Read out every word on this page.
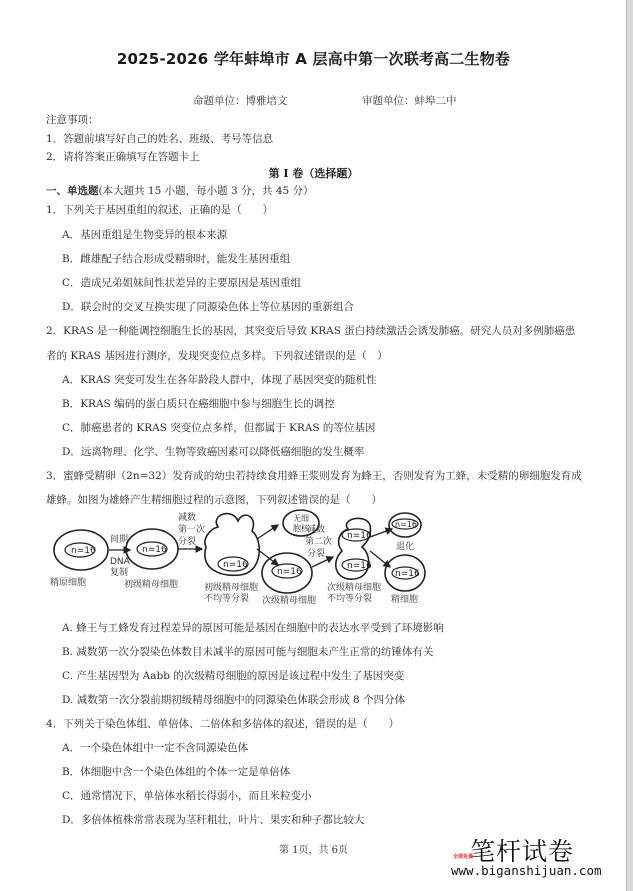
2025-2026 学年蚌埠市 A 层高中第一次联考高二生物卷
命题单位：博雅培文	审题单位：蚌埠二中
注意事项：
1．答题前填写好自己的姓名、班级、考号等信息
2．请将答案正确填写在答题卡上
第 I 卷（选择题）
一、单选题(本大题共 15 小题，每小题 3 分，共 45 分）
1．下列关于基因重组的叙述，正确的是（　　）
A．基因重组是生物变异的根本来源
B．雌雄配子结合形成受精卵时，能发生基因重组
C．造成兄弟姐妹间性状差异的主要原因是基因重组
D．联会时的交叉互换实现了同源染色体上等位基因的重新组合
2．KRAS 是一种能调控细胞生长的基因，其突变后导致 KRAS 蛋白持续激活会诱发肺癌。研究人员对多例肺癌患
者的 KRAS 基因进行测序，发现突变位点多样。下列叙述错误的是（　）
A．KRAS 突变可发生在各年龄段人群中，体现了基因突变的随机性
B．KRAS 编码的蛋白质只在癌细胞中参与细胞生长的调控
C．肺癌患者的 KRAS 突变位点多样，但都属于 KRAS 的等位基因
D．远离物理、化学、生物等致癌因素可以降低癌细胞的发生概率
3．蜜蜂受精卵（2n=32）发育成的幼虫若持续食用蜂王浆则发育为蜂王，否则发育为工蜂，未受精的卵细胞发育成
雄蜂。如图为雄蜂产生精细胞过程的示意图，下列叙述错误的是（　　）
n=16	n=16
n=16
n=16
n=16
n=16
n=16
n=16
精原细胞	初级精母细胞	初级精母细胞
不均等分裂
无细
胞核
次级精母细胞
次级精母细胞
不均等分裂
退化
精细胞
间期
DNA
复制
减数
第一次
分裂
减数
第二次
分裂
A. 蜂王与工蜂发育过程差异的原因可能是基因在细胞中的表达水平受到了环境影响
B. 减数第一次分裂染色体数目未减半的原因可能与细胞未产生正常的纺锤体有关
C. 产生基因型为 Aabb 的次级精母细胞的原因是该过程中发生了基因突变
D. 减数第一次分裂前期初级精母细胞中的同源染色体联会形成 8 个四分体
4．下列关于染色体组、单倍体、二倍体和多倍体的叙述，错误的是（　　）
A．一个染色体组中一定不含同源染色体
B．体细胞中含一个染色体组的个体一定是单倍体
C．通常情况下，单倍体水稻长得弱小，而且米粒变小
D．多倍体植株常常表现为茎秆粗壮，叶片、果实和种子都比较大
第 1页，共 6页	笔杆试卷
全部免费
www.biganshijuan.com
